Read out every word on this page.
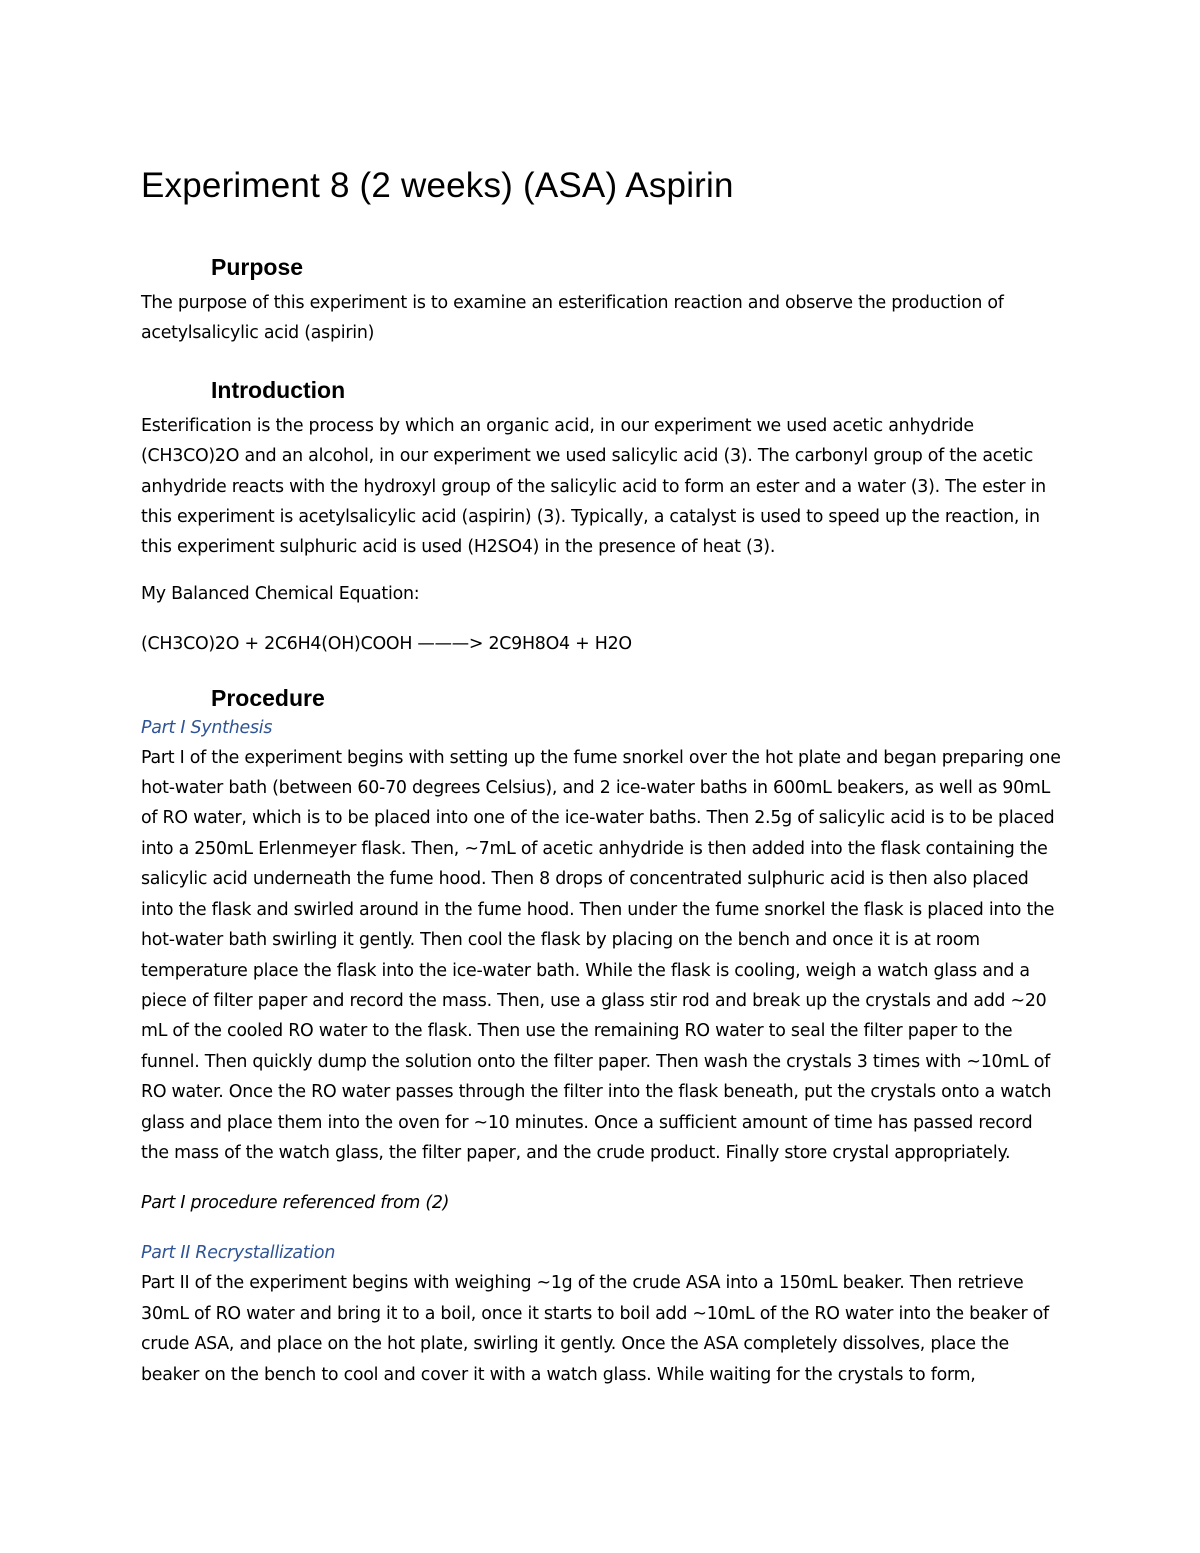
Experiment 8 (2 weeks) (ASA) Aspirin
Purpose

The purpose of this experiment is to examine an esterification reaction and observe the production of acetylsalicylic acid (aspirin)

Introduction

Esterification is the process by which an organic acid, in our experiment we used acetic anhydride (CH3CO)2O and an alcohol, in our experiment we used salicylic acid (3). The carbonyl group of the acetic anhydride reacts with the hydroxyl group of the salicylic acid to form an ester and a water (3). The ester in this experiment is acetylsalicylic acid (aspirin) (3). Typically, a catalyst is used to speed up the reaction, in this experiment sulphuric acid is used (H2SO4) in the presence of heat (3).

My Balanced Chemical Equation:

(CH3CO)2O + 2C6H4(OH)COOH ———> 2C9H8O4 + H2O

Procedure

Part I Synthesis

Part I of the experiment begins with setting up the fume snorkel over the hot plate and began preparing one hot-water bath (between 60-70 degrees Celsius), and 2 ice-water baths in 600mL beakers, as well as 90mL of RO water, which is to be placed into one of the ice-water baths. Then 2.5g of salicylic acid is to be placed into a 250mL Erlenmeyer flask. Then, ~7mL of acetic anhydride is then added into the flask containing the salicylic acid underneath the fume hood. Then 8 drops of concentrated sulphuric acid is then also placed into the flask and swirled around in the fume hood. Then under the fume snorkel the flask is placed into the hot-water bath swirling it gently. Then cool the flask by placing on the bench and once it is at room temperature place the flask into the ice-water bath. While the flask is cooling, weigh a watch glass and a piece of filter paper and record the mass. Then, use a glass stir rod and break up the crystals and add ~20 mL of the cooled RO water to the flask. Then use the remaining RO water to seal the filter paper to the funnel. Then quickly dump the solution onto the filter paper. Then wash the crystals 3 times with ~10mL of RO water. Once the RO water passes through the filter into the flask beneath, put the crystals onto a watch glass and place them into the oven for ~10 minutes. Once a sufficient amount of time has passed record the mass of the watch glass, the filter paper, and the crude product. Finally store crystal appropriately.

Part I procedure referenced from (2)

Part II Recrystallization

Part II of the experiment begins with weighing ~1g of the crude ASA into a 150mL beaker. Then retrieve 30mL of RO water and bring it to a boil, once it starts to boil add ~10mL of the RO water into the beaker of crude ASA, and place on the hot plate, swirling it gently. Once the ASA completely dissolves, place the beaker on the bench to cool and cover it with a watch glass. While waiting for the crystals to form,
